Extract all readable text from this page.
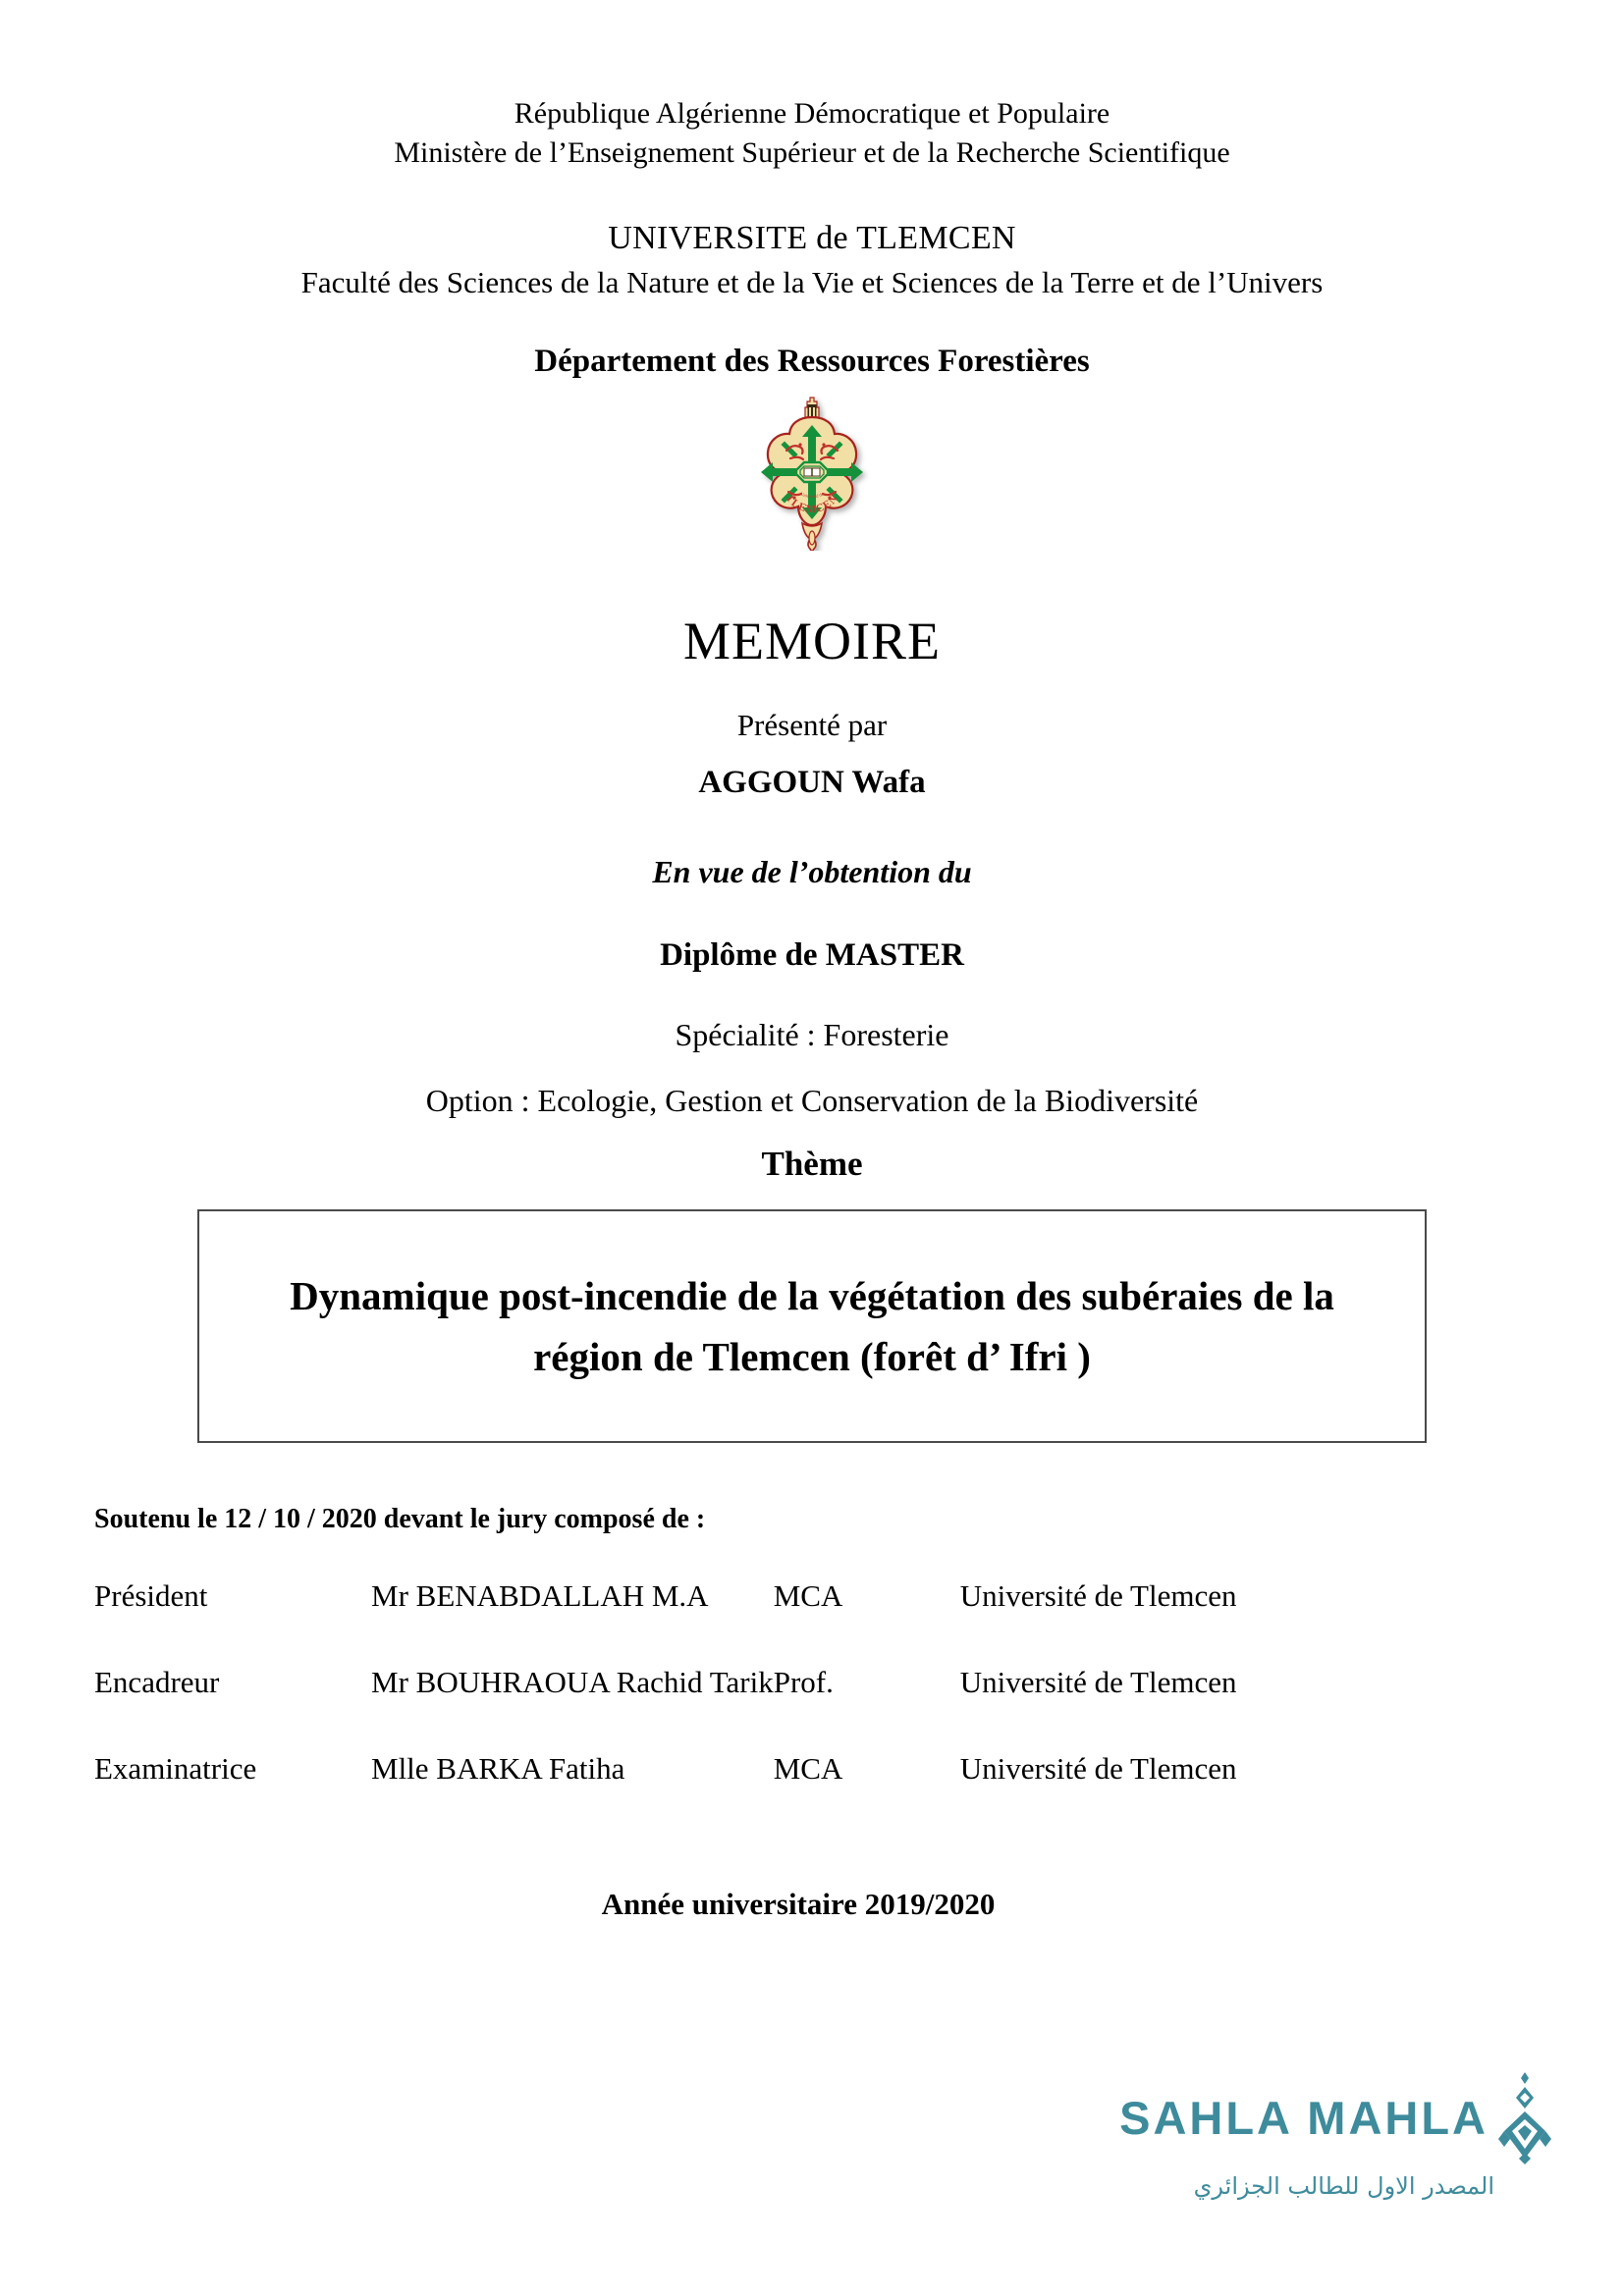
République Algérienne Démocratique et Populaire
Ministère de l’Enseignement Supérieur et de la Recherche Scientifique
UNIVERSITE de TLEMCEN
Faculté des Sciences de la Nature et de la Vie et Sciences de la Terre et de l’Univers
Département des Ressources Forestières
TLEMCEN
Université de
MEMOIRE
Présenté par
AGGOUN Wafa
En vue de l’obtention du
Diplôme de MASTER
Spécialité : Foresterie
Option : Ecologie, Gestion et Conservation de la Biodiversité
Thème
Dynamique post-incendie de la végétation des subéraies de la région de Tlemcen (forêt d’ Ifri )
Soutenu le 12 / 10 / 2020 devant le jury composé de :
Président	Mr BENABDALLAH M.A	MCA	Université de Tlemcen
Encadreur	Mr BOUHRAOUA Rachid Tarik	Prof.	Université de Tlemcen
Examinatrice	Mlle BARKA Fatiha	MCA	Université de Tlemcen
Année universitaire 2019/2020
SAHLA MAHLA
المصدر الاول للطالب الجزائري
